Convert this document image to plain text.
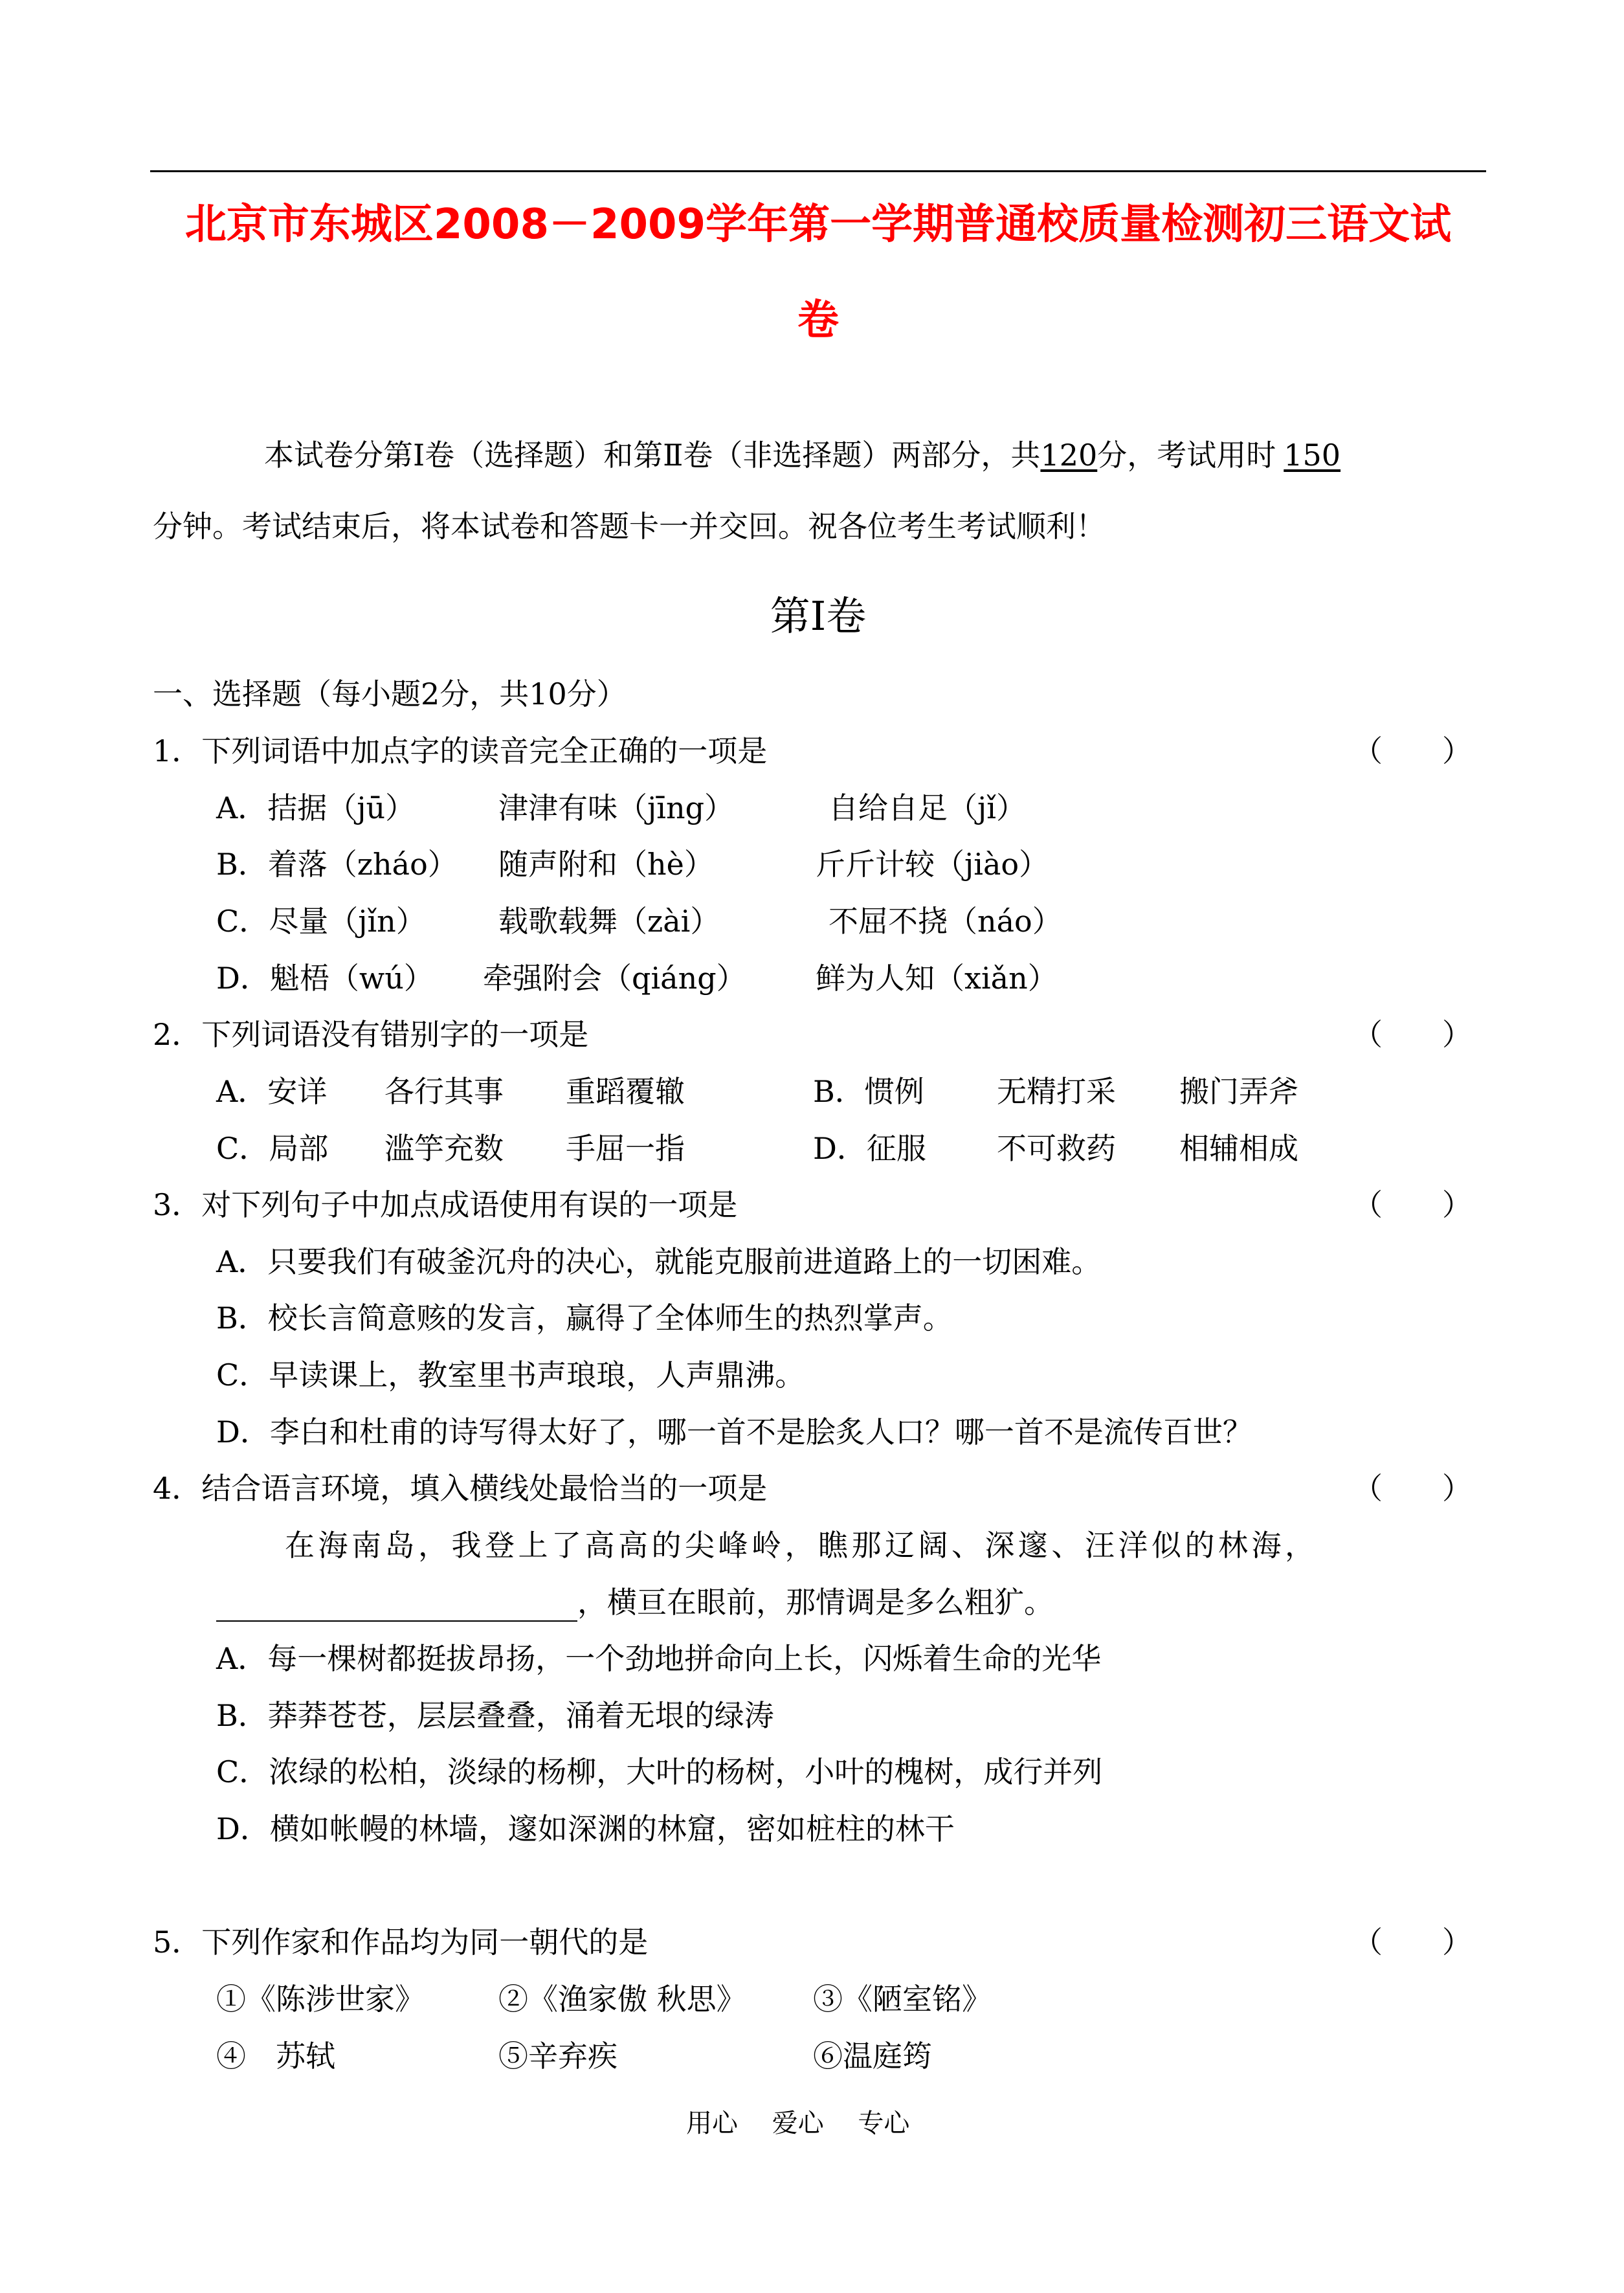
北京市东城区2008－2009学年第一学期普通校质量检测初三语文试
卷
本试卷分第Ⅰ卷（选择题）和第Ⅱ卷（非选择题）两部分，共120分，考试用时 150
分钟。考试结束后，将本试卷和答题卡一并交回。祝各位考生考试顺利！
第Ⅰ卷
一、选择题（每小题2分，共10分）
1．下列词语中加点字的读音完全正确的一项是	（　　）
A．拮据（jū）	津津有味（jīng）	自给自足（jǐ）
B．着落（zháo） 随声附和（hè）	斤斤计较（jiào）
C．尽量（jǐn） 载歌载舞（zài）	不屈不挠（náo）
D．魁梧（wú） 牵强附会（qiáng） 鲜为人知（xiǎn）
2．下列词语没有错别字的一项是	（　　）
A．安详 各行其事 重蹈覆辙	B．惯例 无精打采 搬门弄斧
C．局部 滥竽充数 手屈一指	D．征服 不可救药 相辅相成
3．对下列句子中加点成语使用有误的一项是	（　　）
A．只要我们有破釜沉舟的决心，就能克服前进道路上的一切困难。
B．校长言简意赅的发言，赢得了全体师生的热烈掌声。
C．早读课上，教室里书声琅琅，人声鼎沸。
D．李白和杜甫的诗写得太好了，哪一首不是脍炙人口？哪一首不是流传百世？
4．结合语言环境，填入横线处最恰当的一项是	（　　）
在海南岛，我登上了高高的尖峰岭，瞧那辽阔、深邃、汪洋似的林海，
，横亘在眼前，那情调是多么粗犷。
A．每一棵树都挺拔昂扬，一个劲地拼命向上长，闪烁着生命的光华
B．莽莽苍苍，层层叠叠，涌着无垠的绿涛
C．浓绿的松柏，淡绿的杨柳，大叶的杨树，小叶的槐树，成行并列
D．横如帐幔的林墙，邃如深渊的林窟，密如桩柱的林干
5．下列作家和作品均为同一朝代的是	（　　）
①《陈涉世家》 ②《渔家傲 秋思》 ③《陋室铭》
④　苏轼	⑤辛弃疾	⑥温庭筠
用心　 爱心　 专心
